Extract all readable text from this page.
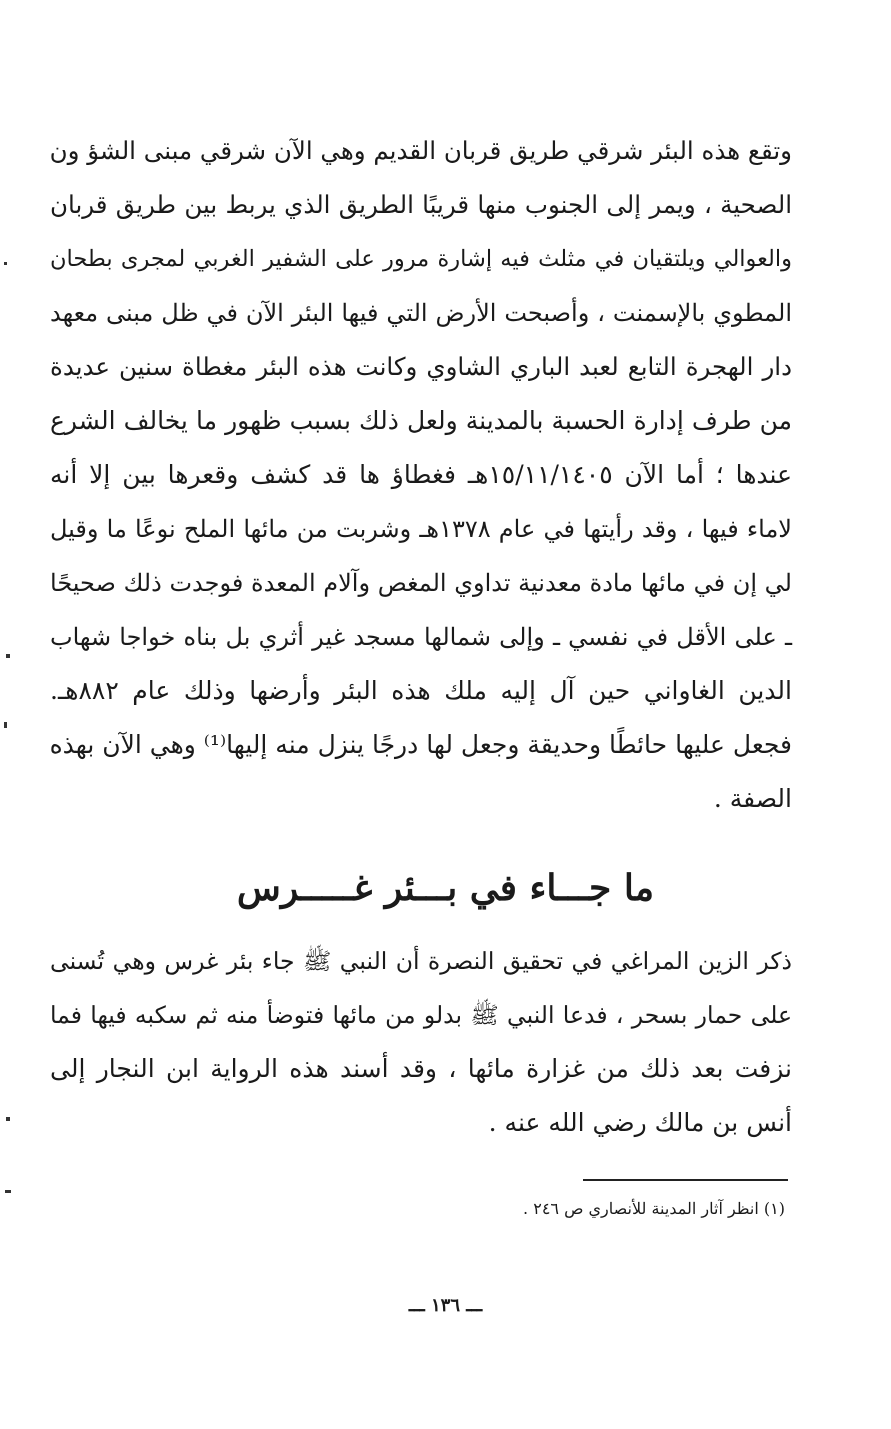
وتقع هذه البئر شرقي طريق قربان القديم وهي الآن شرقي مبنى الشؤ ون
الصحية ، ويمر إلى الجنوب منها قريبًا الطريق الذي يربط بين طريق قربان
والعوالي ويلتقيان في مثلث فيه إشارة مرور على الشفير الغربي لمجرى بطحان
المطوي بالإسمنت ، وأصبحت الأرض التي فيها البئر الآن في ظل مبنى معهد
دار الهجرة التابع لعبد الباري الشاوي وكانت هذه البئر مغطاة سنين عديدة
من طرف إدارة الحسبة بالمدينة ولعل ذلك بسبب ظهور ما يخالف الشرع
عندها ؛ أما الآن ١٥/١١/١٤٠٥هـ فغطاؤ ها قد كشف وقعرها بين إلا أنه
لاماء فيها ، وقد رأيتها في عام ١٣٧٨هـ وشربت من مائها الملح نوعًا ما وقيل
لي إن في مائها مادة معدنية تداوي المغص وآلام المعدة فوجدت ذلك صحيحًا
ـ على الأقل في نفسي ـ وإلى شمالها مسجد غير أثري بل بناه خواجا شهاب
الدين الغاواني حين آل إليه ملك هذه البئر وأرضها وذلك عام ٨٨٢هـ.
فجعل عليها حائطًا وحديقة وجعل لها درجًا ينزل منه إليها⁽¹⁾ وهي الآن بهذه
الصفة .
ما جـــاء في بـــئر غـــــرس
ذكر الزين المراغي في تحقيق النصرة أن النبي ﷺ جاء بئر غرس وهي تُسنى
على حمار بسحر ، فدعا النبي ﷺ بدلو من مائها فتوضأ منه ثم سكبه فيها فما
نزفت بعد ذلك من غزارة مائها ، وقد أسند هذه الرواية ابن النجار إلى
أنس بن مالك رضي الله عنه .
(١) انظر آثار المدينة للأنصاري ص ٢٤٦ .
ـــ ١٣٦ ـــ
